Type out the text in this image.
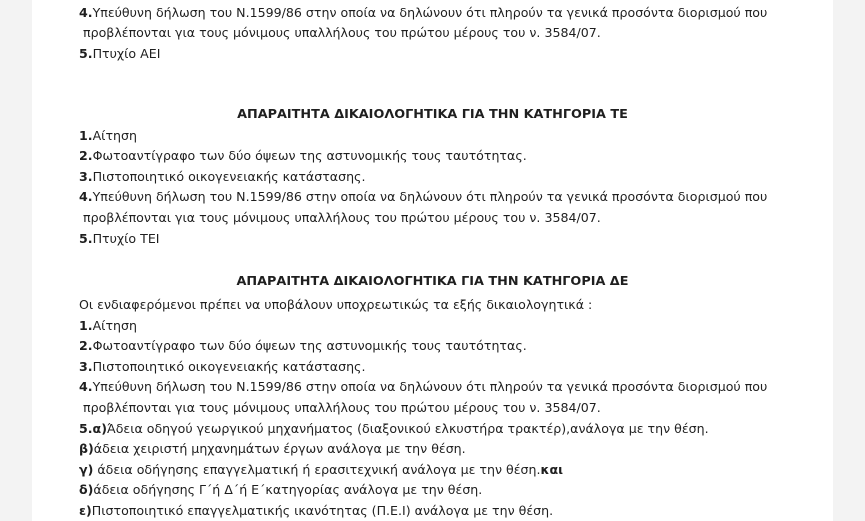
4.Υπεύθυνη δήλωση του Ν.1599/86 στην οποία να δηλώνουν ότι πληρούν τα γενικά προσόντα διορισμού που
προβλέπονται για τους μόνιμους υπαλλήλους του πρώτου μέρους του ν. 3584/07.
5.Πτυχίο ΑΕΙ
ΑΠΑΡΑΙΤΗΤΑ ΔΙΚΑΙΟΛΟΓΗΤΙΚΑ ΓΙΑ ΤΗΝ ΚΑΤΗΓΟΡΙΑ ΤΕ
1.Αίτηση
2.Φωτοαντίγραφο των δύο όψεων της αστυνομικής τους ταυτότητας.
3.Πιστοποιητικό οικογενειακής κατάστασης.
4.Υπεύθυνη δήλωση του Ν.1599/86 στην οποία να δηλώνουν ότι πληρούν τα γενικά προσόντα διορισμού που
προβλέπονται για τους μόνιμους υπαλλήλους του πρώτου μέρους του ν. 3584/07.
5.Πτυχίο ΤΕΙ
ΑΠΑΡΑΙΤΗΤΑ ΔΙΚΑΙΟΛΟΓΗΤΙΚΑ ΓΙΑ ΤΗΝ ΚΑΤΗΓΟΡΙΑ ΔΕ
Οι ενδιαφερόμενοι πρέπει να υποβάλουν υποχρεωτικώς τα εξής δικαιολογητικά :
1.Αίτηση
2.Φωτοαντίγραφο των δύο όψεων της αστυνομικής τους ταυτότητας.
3.Πιστοποιητικό οικογενειακής κατάστασης.
4.Υπεύθυνη δήλωση του Ν.1599/86 στην οποία να δηλώνουν ότι πληρούν τα γενικά προσόντα διορισμού που
προβλέπονται για τους μόνιμους υπαλλήλους του πρώτου μέρους του ν. 3584/07.
5.α)Άδεια οδηγού γεωργικού μηχανήματος (διαξονικού ελκυστήρα τρακτέρ),ανάλογα με την θέση.
β)άδεια χειριστή μηχανημάτων έργων ανάλογα με την θέση.
γ) άδεια οδήγησης επαγγελματική ή ερασιτεχνική ανάλογα με την θέση.και
δ)άδεια οδήγησης Γ΄ή Δ΄ή Ε΄κατηγορίας ανάλογα με την θέση.
ε)Πιστοποιητικό επαγγελματικής ικανότητας (Π.Ε.Ι) ανάλογα με την θέση.
